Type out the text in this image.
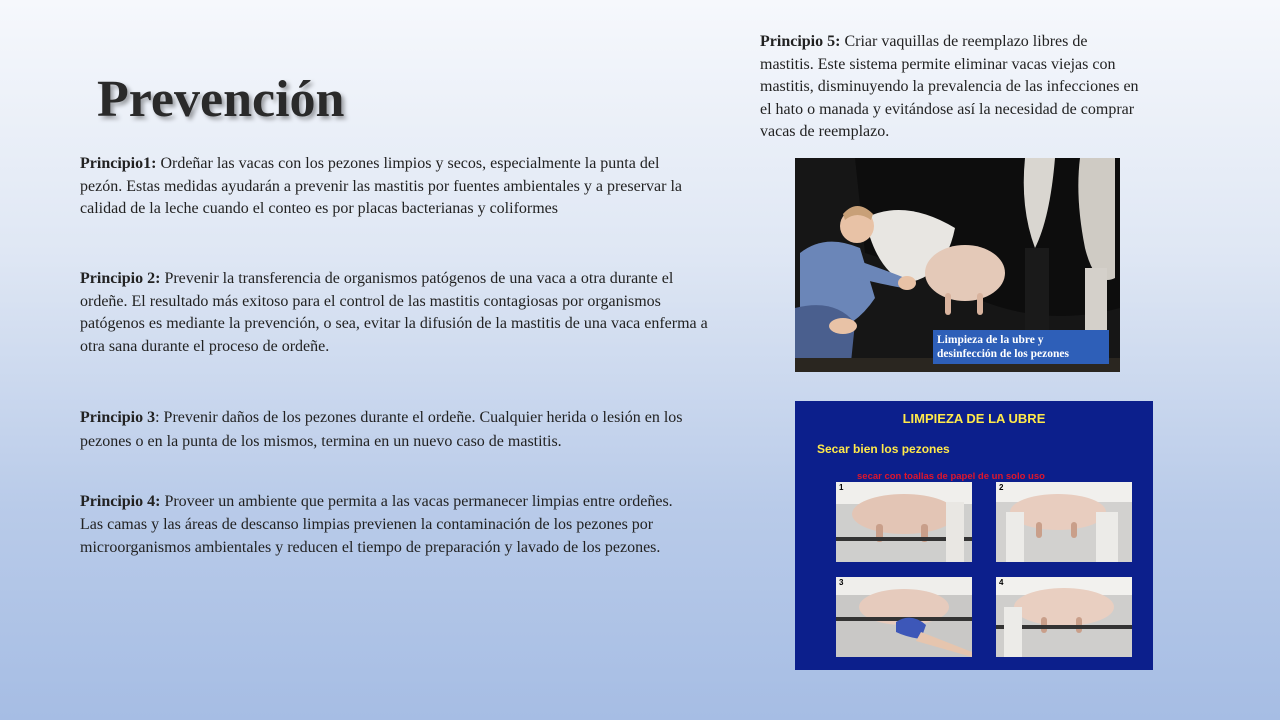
Prevención

Principio1: Ordeñar las vacas con los pezones limpios y secos, especialmente la punta del pezón. Estas medidas ayudarán a prevenir las mastitis por fuentes ambientales y a preservar la calidad de la leche cuando el conteo es por placas bacterianas y coliformes

Principio 2: Prevenir la transferencia de organismos patógenos de una vaca a otra durante el ordeñe. El resultado más exitoso para el control de las mastitis contagiosas por organismos patógenos es mediante la prevención, o sea, evitar la difusión de la mastitis de una vaca enferma a otra sana durante el proceso de ordeñe.

Principio 3: Prevenir daños de los pezones durante el ordeñe. Cualquier herida o lesión en los pezones o en la punta de los mismos, termina en un nuevo caso de mastitis.

Principio 4: Proveer un ambiente que permita a las vacas permanecer limpias entre ordeñes. Las camas y las áreas de descanso limpias previenen la contaminación de los pezones por microorganismos ambientales y reducen el tiempo de preparación y lavado de los pezones.

Principio 5: Criar vaquillas de reemplazo libres de mastitis. Este sistema permite eliminar vacas viejas con mastitis, disminuyendo la prevalencia de las infecciones en el hato o manada y evitándose así la necesidad de comprar vacas de reemplazo.

Limpieza de la ubre y
desinfección de los pezones
LIMPIEZA DE LA UBRE
Secar bien los pezones
secar con toallas de papel de un solo uso
1	2
3	4
